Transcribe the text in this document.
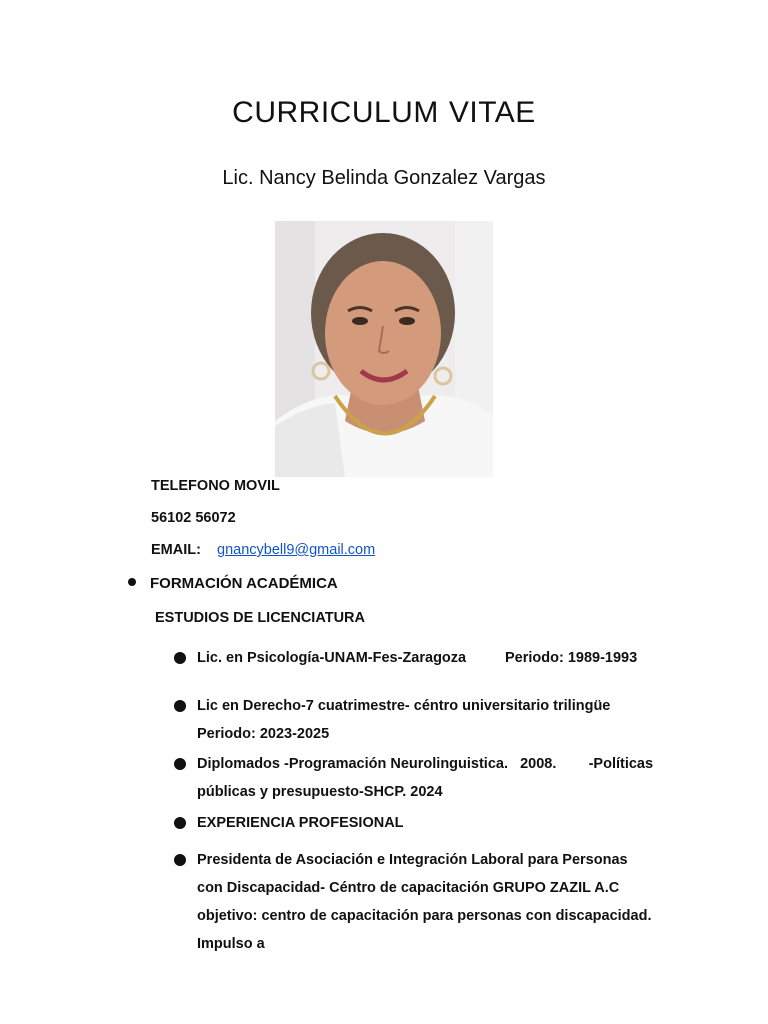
CURRICULUM VITAE
Lic. Nancy Belinda Gonzalez Vargas
TELEFONO MOVIL
56102 56072
EMAIL: gnancybell9@gmail.com
FORMACIÓN ACADÉMICA
ESTUDIOS DE LICENCIATURA
Lic. en Psicología-UNAM-Fes-Zaragoza	Periodo: 1989-1993
Lic en Derecho-7 cuatrimestre- céntro universitario trilingüe
Periodo: 2023-2025
Diplomados -Programación Neurolinguistica.   2008.        -Políticas públicas y presupuesto-SHCP. 2024
EXPERIENCIA PROFESIONAL
Presidenta de Asociación e Integración Laboral para Personas con Discapacidad- Céntro de capacitación GRUPO ZAZIL A.C objetivo: centro de capacitación para personas con discapacidad. Impulso a
